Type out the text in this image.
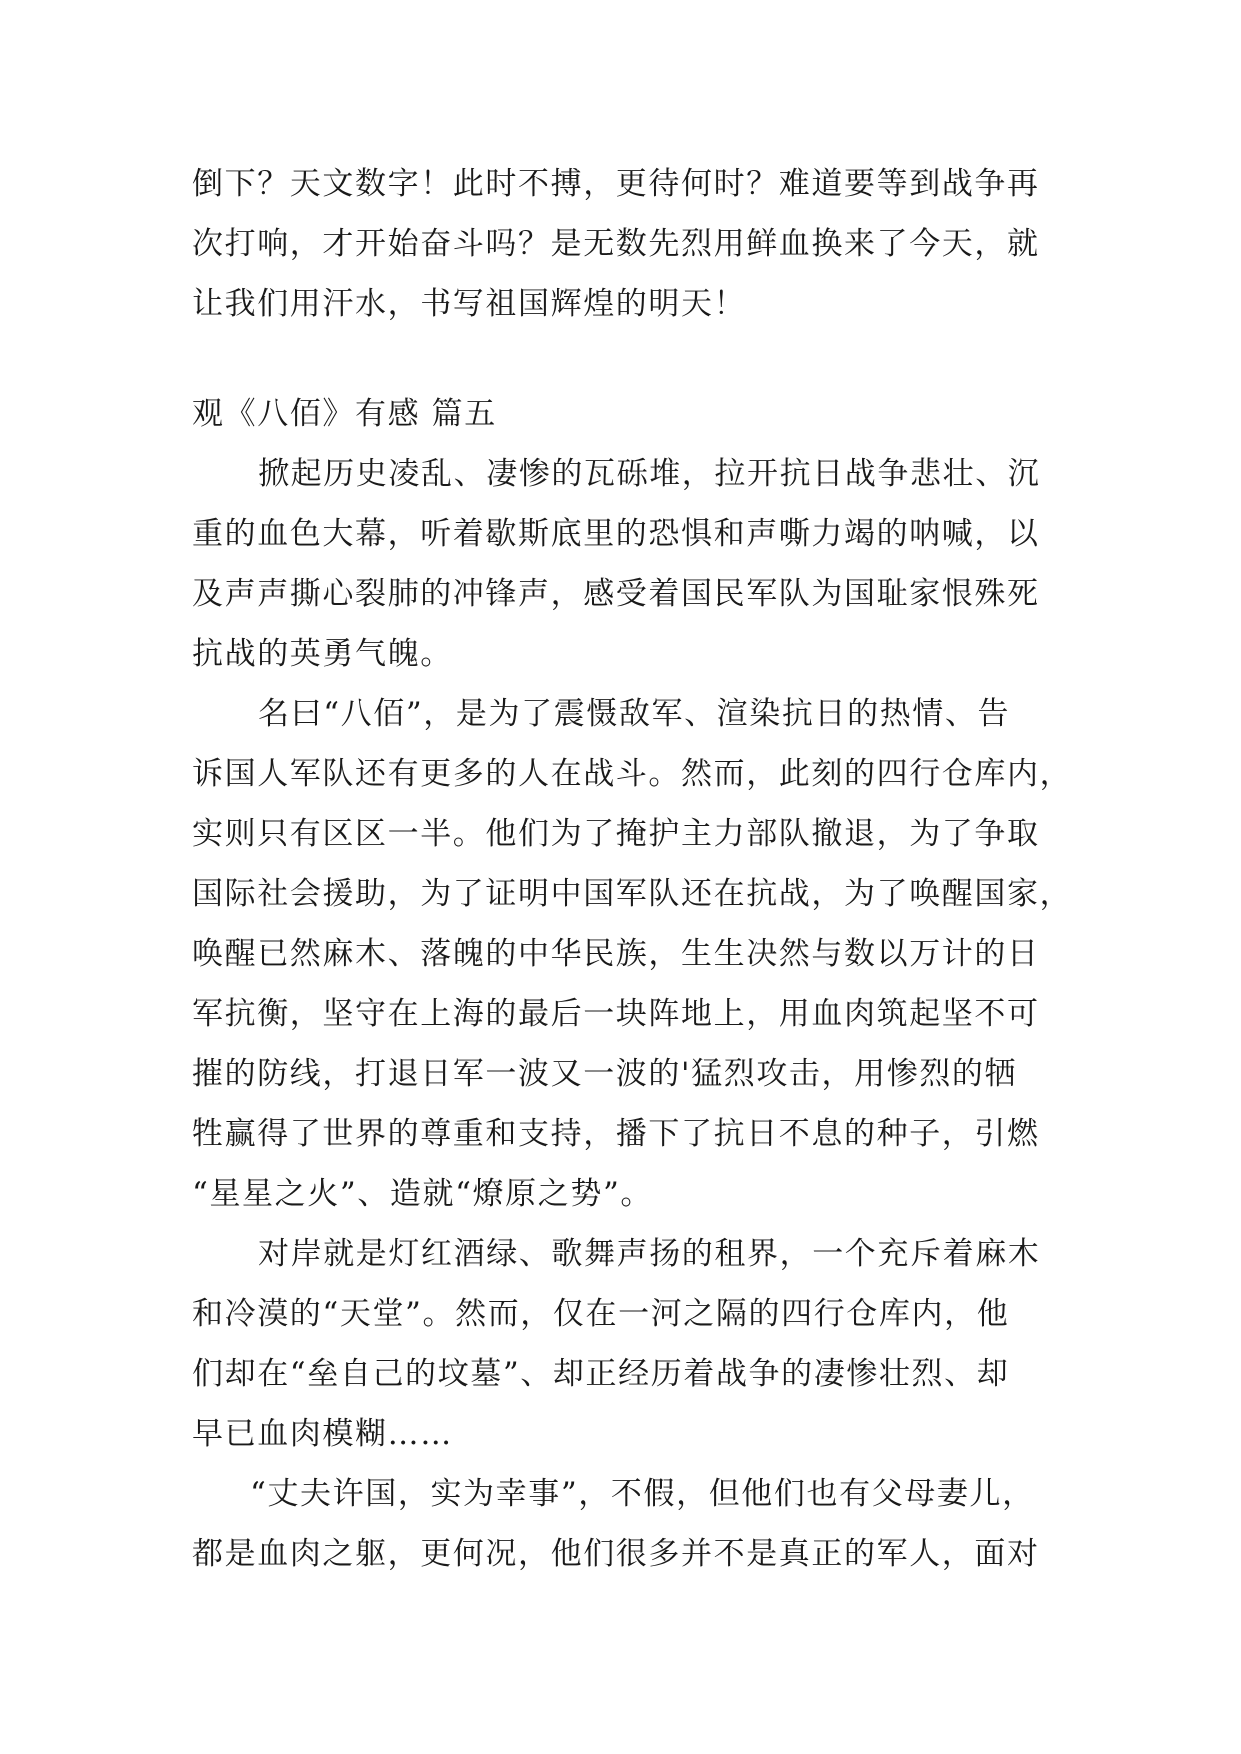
倒下？天文数字！此时不搏，更待何时？难道要等到战争再
次打响，才开始奋斗吗？是无数先烈用鲜血换来了今天，就
让我们用汗水，书写祖国辉煌的明天！
观《八佰》有感 篇五
掀起历史凌乱、凄惨的瓦砾堆，拉开抗日战争悲壮、沉
重的血色大幕，听着歇斯底里的恐惧和声嘶力竭的呐喊，以
及声声撕心裂肺的冲锋声，感受着国民军队为国耻家恨殊死
抗战的英勇气魄。
名曰“八佰”，是为了震慑敌军、渲染抗日的热情、告
诉国人军队还有更多的人在战斗。然而，此刻的四行仓库内，
实则只有区区一半。他们为了掩护主力部队撤退，为了争取
国际社会援助，为了证明中国军队还在抗战，为了唤醒国家，
唤醒已然麻木、落魄的中华民族，生生决然与数以万计的日
军抗衡，坚守在上海的最后一块阵地上，用血肉筑起坚不可
摧的防线，打退日军一波又一波的'猛烈攻击，用惨烈的牺
牲赢得了世界的尊重和支持，播下了抗日不息的种子，引燃
“星星之火”、造就“燎原之势”。
对岸就是灯红酒绿、歌舞声扬的租界，一个充斥着麻木
和冷漠的“天堂”。然而，仅在一河之隔的四行仓库内，他
们却在“垒自己的坟墓”、却正经历着战争的凄惨壮烈、却
早已血肉模糊……
“丈夫许国，实为幸事”，不假，但他们也有父母妻儿，
都是血肉之躯，更何况，他们很多并不是真正的军人，面对
